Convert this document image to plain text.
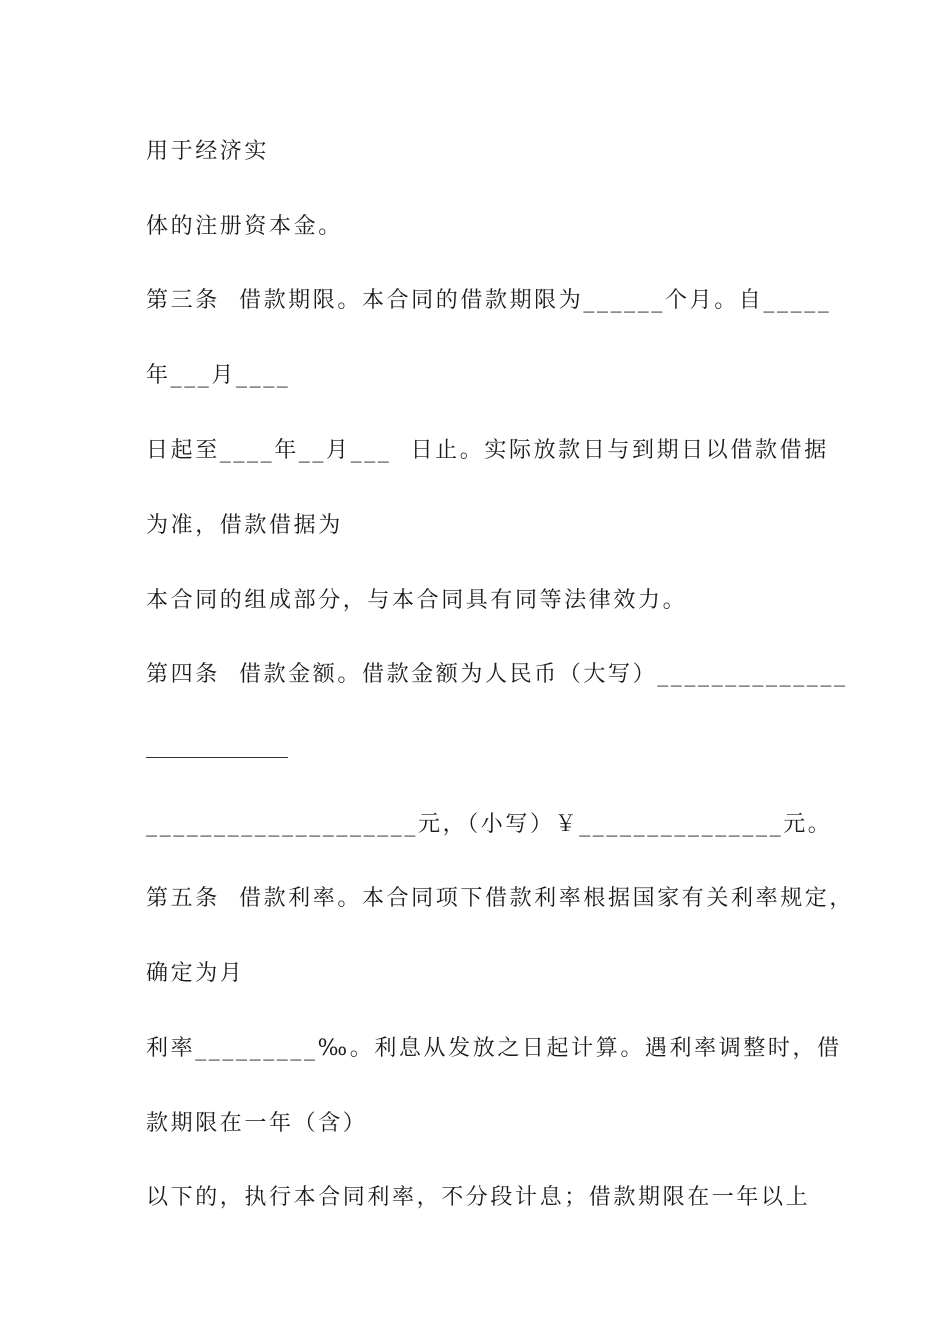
用于经济实
体的注册资本金。
第三条  借款期限。本合同的借款期限为______个月。自_____
年___月____
日起至____年__月___  日止。实际放款日与到期日以借款借据
为准，借款借据为
本合同的组成部分，与本合同具有同等法律效力。
第四条  借款金额。借款金额为人民币（大写）______________
____________________元，（小写）￥_______________元。
第五条  借款利率。本合同项下借款利率根据国家有关利率规定，
确定为月
利率_________‰。利息从发放之日起计算。遇利率调整时，借
款期限在一年（含）
以下的，执行本合同利率，不分段计息；借款期限在一年以上
